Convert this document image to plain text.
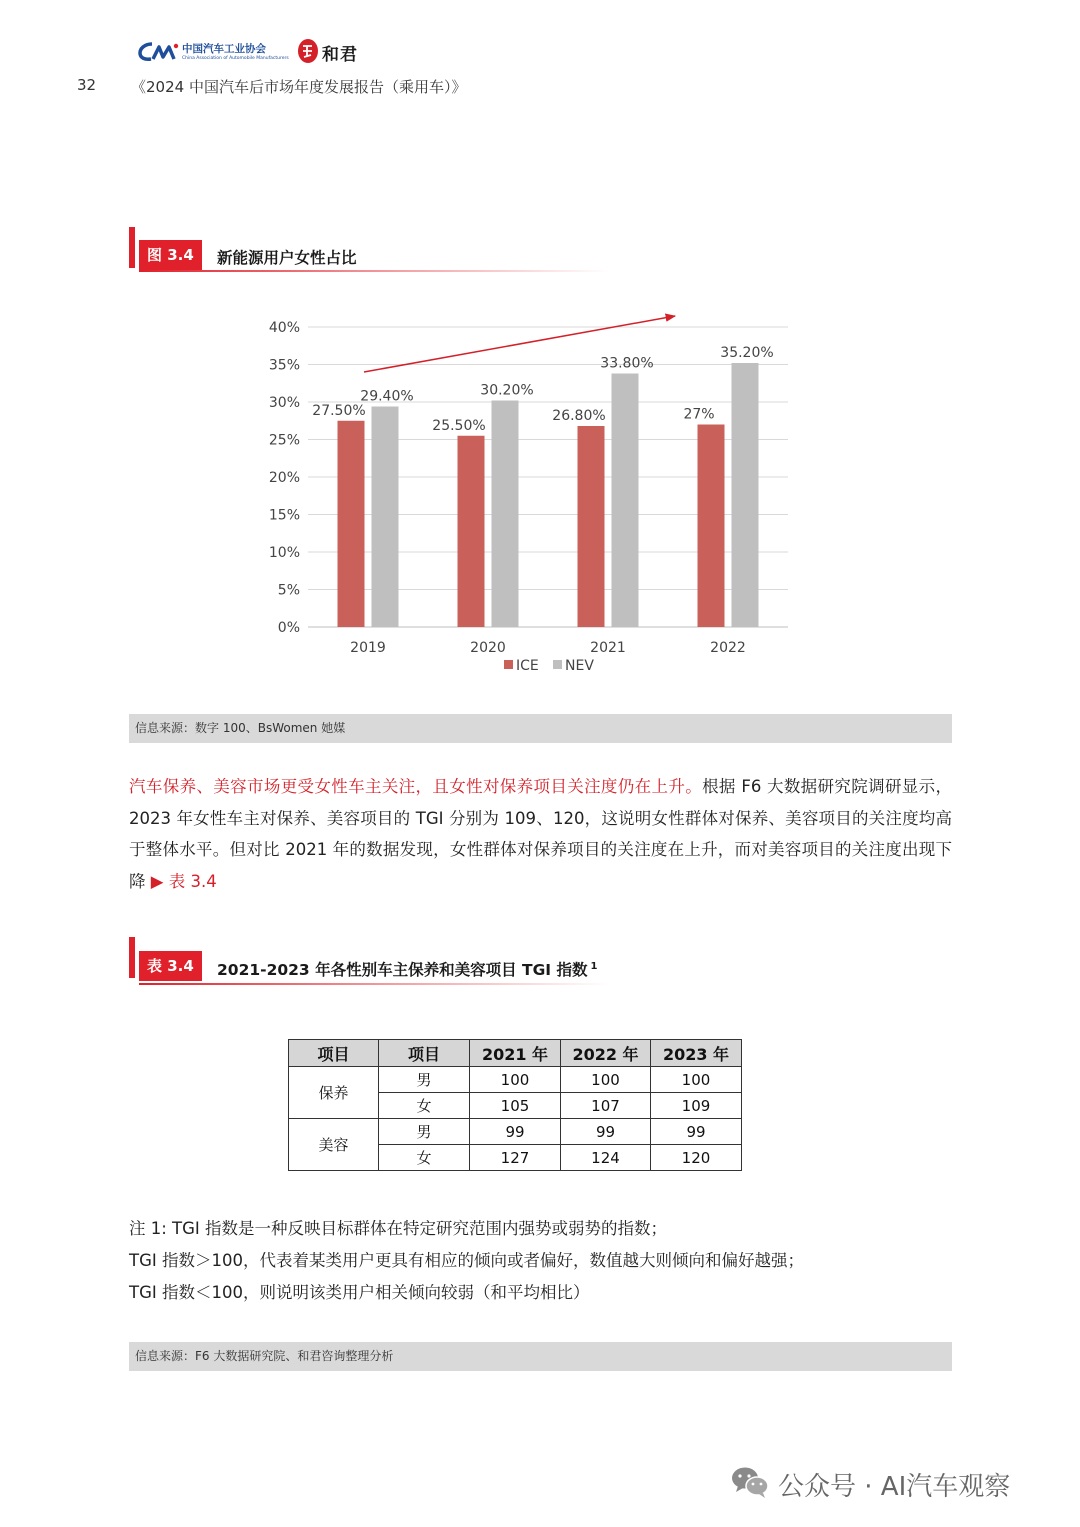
中国汽车工业协会
China Association of Automobile Manufacturers 和君
32 《2024 中国汽车后市场年度发展报告（乘用车）》
图 3.4	新能源用户女性占比
0%
5%
10%
15%
20%
25%
30%
35%
40%
27.50%
29.40%
2019
25.50%
30.20%
2020
26.80%
33.80%
2021
27%
35.20%
2022
ICE NEV
信息来源：数字 100、BsWomen 她媒
汽车保养、美容市场更受女性车主关注，且女性对保养项目关注度仍在上升。根据 F6 大数据研究院调研显示，2023 年女性车主对保养、美容项目的 TGI 分别为 109、120，这说明女性群体对保养、美容项目的关注度均高于整体水平。但对比 2021 年的数据发现，女性群体对保养项目的关注度在上升，而对美容项目的关注度出现下降 ▶ 表 3.4
表 3.4	2021-2023 年各性别车主保养和美容项目 TGI 指数 $^1$
项目	项目	2021 年	2022 年	2023 年
保养	男	100	100	100
	女	105	107	109
美容	男	99	99	99
	女	127	124	120
注 1: TGI 指数是一种反映目标群体在特定研究范围内强势或弱势的指数；
TGI 指数＞100，代表着某类用户更具有相应的倾向或者偏好，数值越大则倾向和偏好越强；
TGI 指数＜100，则说明该类用户相关倾向较弱（和平均相比）
信息来源：F6 大数据研究院、和君咨询整理分析
公众号 · AI汽车观察
